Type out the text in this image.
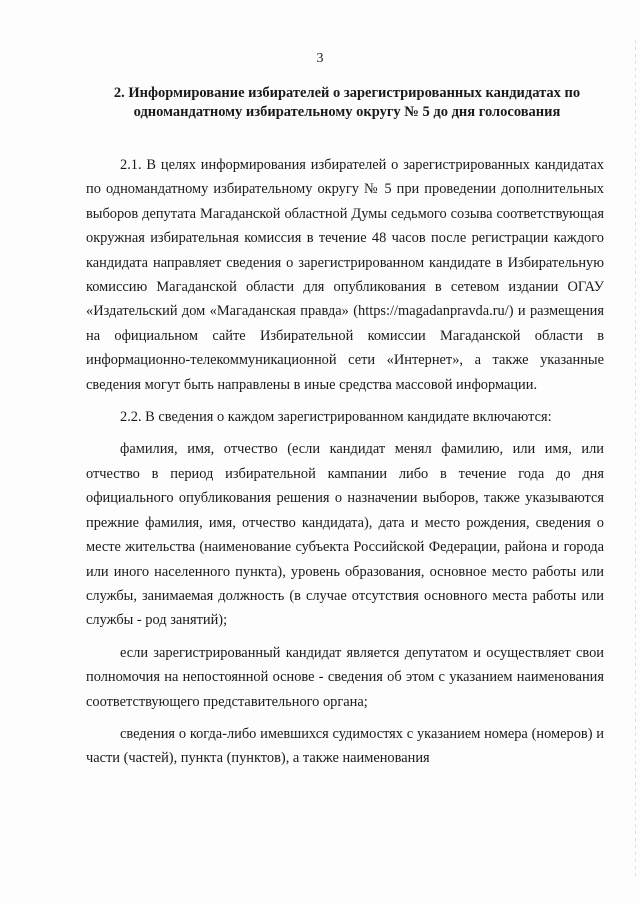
3
2. Информирование избирателей о зарегистрированных кандидатах по одномандатному избирательному округу № 5 до дня голосования

2.1. В целях информирования избирателей о зарегистрированных кандидатах по одномандатному избирательному округу № 5 при проведении дополнительных выборов депутата Магаданской областной Думы седьмого созыва соответствующая окружная избирательная комиссия в течение 48 часов после регистрации каждого кандидата направляет сведения о зарегистрированном кандидате в Избирательную комиссию Магаданской области для опубликования в сетевом издании ОГАУ «Издательский дом «Магаданская правда» (https://magadanpravda.ru/) и размещения на официальном сайте Избирательной комиссии Магаданской области в информационно-телекоммуникационной сети «Интернет», а также указанные сведения могут быть направлены в иные средства массовой информации.

2.2. В сведения о каждом зарегистрированном кандидате включаются:

фамилия, имя, отчество (если кандидат менял фамилию, или имя, или отчество в период избирательной кампании либо в течение года до дня официального опубликования решения о назначении выборов, также указываются прежние фамилия, имя, отчество кандидата), дата и место рождения, сведения о месте жительства (наименование субъекта Российской Федерации, района и города или иного населенного пункта), уровень образования, основное место работы или службы, занимаемая должность (в случае отсутствия основного места работы или службы - род занятий);

если зарегистрированный кандидат является депутатом и осуществляет свои полномочия на непостоянной основе - сведения об этом с указанием наименования соответствующего представительного органа;

сведения о когда-либо имевшихся судимостях с указанием номера (номеров) и части (частей), пункта (пунктов), а также наименования
